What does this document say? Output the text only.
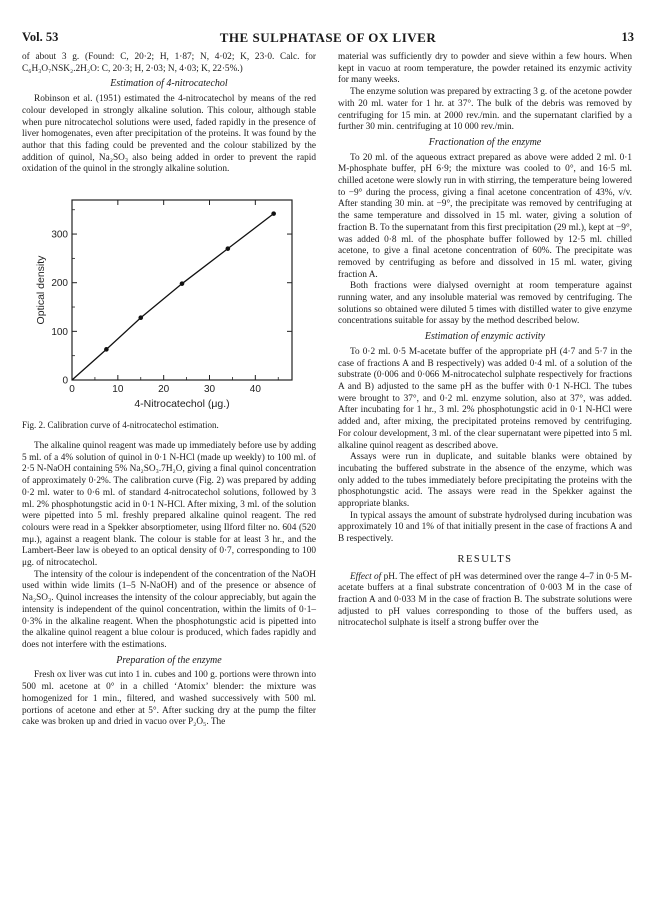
Vol. 53	THE SULPHATASE OF OX LIVER	13

of about 3 g. (Found: C, 20·2; H, 1·87; N, 4·02; K, 23·0. Calc. for C₆H₃O₇NSK₂.2H₂O: C, 20·3; H, 2·03; N, 4·03; K, 22·5%.)

Estimation of 4-nitrocatechol

Robinson et al. (1951) estimated the 4-nitrocatechol by means of the red colour developed in strongly alkaline solution. This colour, although stable when pure nitrocatechol solutions were used, faded rapidly in the presence of liver homogenates, even after precipitation of the proteins. It was found by the author that this fading could be prevented and the colour stabilized by the addition of quinol, Na₂SO₃ also being added in order to prevent the rapid oxidation of the quinol in the strongly alkaline solution.

0	10	20	30	40
0
100
200
300
4-Nitrocatechol (μg.)
Optical density

Fig. 2. Calibration curve of 4-nitrocatechol estimation.

The alkaline quinol reagent was made up immediately before use by adding 5 ml. of a 4% solution of quinol in 0·1 N-HCl (made up weekly) to 100 ml. of 2·5 N-NaOH containing 5% Na₂SO₃.7H₂O, giving a final quinol concentration of approximately 0·2%. The calibration curve (Fig. 2) was prepared by adding 0·2 ml. water to 0·6 ml. of standard 4-nitrocatechol solutions, followed by 3 ml. 2% phosphotungstic acid in 0·1 N-HCl. After mixing, 3 ml. of the solution were pipetted into 5 ml. freshly prepared alkaline quinol reagent. The red colours were read in a Spekker absorptiometer, using Ilford filter no. 604 (520 mμ.), against a reagent blank. The colour is stable for at least 3 hr., and the Lambert-Beer law is obeyed to an optical density of 0·7, corresponding to 100 μg. of nitrocatechol.

The intensity of the colour is independent of the concentration of the NaOH used within wide limits (1–5 N-NaOH) and of the presence or absence of Na₂SO₃. Quinol increases the intensity of the colour appreciably, but again the intensity is independent of the quinol concentration, within the limits of 0·1–0·3% in the alkaline reagent. When the phosphotungstic acid is pipetted into the alkaline quinol reagent a blue colour is produced, which fades rapidly and does not interfere with the estimations.

Preparation of the enzyme

Fresh ox liver was cut into 1 in. cubes and 100 g. portions were thrown into 500 ml. acetone at 0° in a chilled ‘Atomix’ blender: the mixture was homogenized for 1 min., filtered, and washed successively with 500 ml. portions of acetone and ether at 5°. After sucking dry at the pump the filter cake was broken up and dried in vacuo over P₂O₅. The

material was sufficiently dry to powder and sieve within a few hours. When kept in vacuo at room temperature, the powder retained its enzymic activity for many weeks.

The enzyme solution was prepared by extracting 3 g. of the acetone powder with 20 ml. water for 1 hr. at 37°. The bulk of the debris was removed by centrifuging for 15 min. at 2000 rev./min. and the supernatant clarified by a further 30 min. centrifuging at 10 000 rev./min.

Fractionation of the enzyme

To 20 ml. of the aqueous extract prepared as above were added 2 ml. 0·1 M-phosphate buffer, pH 6·9; the mixture was cooled to 0°, and 16·5 ml. chilled acetone were slowly run in with stirring, the temperature being lowered to −9° during the process, giving a final acetone concentration of 43%, v/v. After standing 30 min. at −9°, the precipitate was removed by centrifuging at the same temperature and dissolved in 15 ml. water, giving a solution of fraction B. To the supernatant from this first precipitation (29 ml.), kept at −9°, was added 0·8 ml. of the phosphate buffer followed by 12·5 ml. chilled acetone, to give a final acetone concentration of 60%. The precipitate was removed by centrifuging as before and dissolved in 15 ml. water, giving fraction A.

Both fractions were dialysed overnight at room temperature against running water, and any insoluble material was removed by centrifuging. The solutions so obtained were diluted 5 times with distilled water to give enzyme concentrations suitable for assay by the method described below.

Estimation of enzymic activity

To 0·2 ml. 0·5 M-acetate buffer of the appropriate pH (4·7 and 5·7 in the case of fractions A and B respectively) was added 0·4 ml. of a solution of the substrate (0·006 and 0·066 M-nitrocatechol sulphate respectively for fractions A and B) adjusted to the same pH as the buffer with 0·1 N-HCl. The tubes were brought to 37°, and 0·2 ml. enzyme solution, also at 37°, was added. After incubating for 1 hr., 3 ml. 2% phosphotungstic acid in 0·1 N-HCl were added and, after mixing, the precipitated proteins removed by centrifuging. For colour development, 3 ml. of the clear supernatant were pipetted into 5 ml. alkaline quinol reagent as described above.

Assays were run in duplicate, and suitable blanks were obtained by incubating the buffered substrate in the absence of the enzyme, which was only added to the tubes immediately before precipitating the proteins with the phosphotungstic acid. The assays were read in the Spekker against the appropriate blanks.

In typical assays the amount of substrate hydrolysed during incubation was approximately 10 and 1% of that initially present in the case of fractions A and B respectively.

RESULTS

Effect of pH. The effect of pH was determined over the range 4–7 in 0·5 M-acetate buffers at a final substrate concentration of 0·003 M in the case of fraction A and 0·033 M in the case of fraction B. The substrate solutions were adjusted to pH values corresponding to those of the buffers used, as nitrocatechol sulphate is itself a strong buffer over the
